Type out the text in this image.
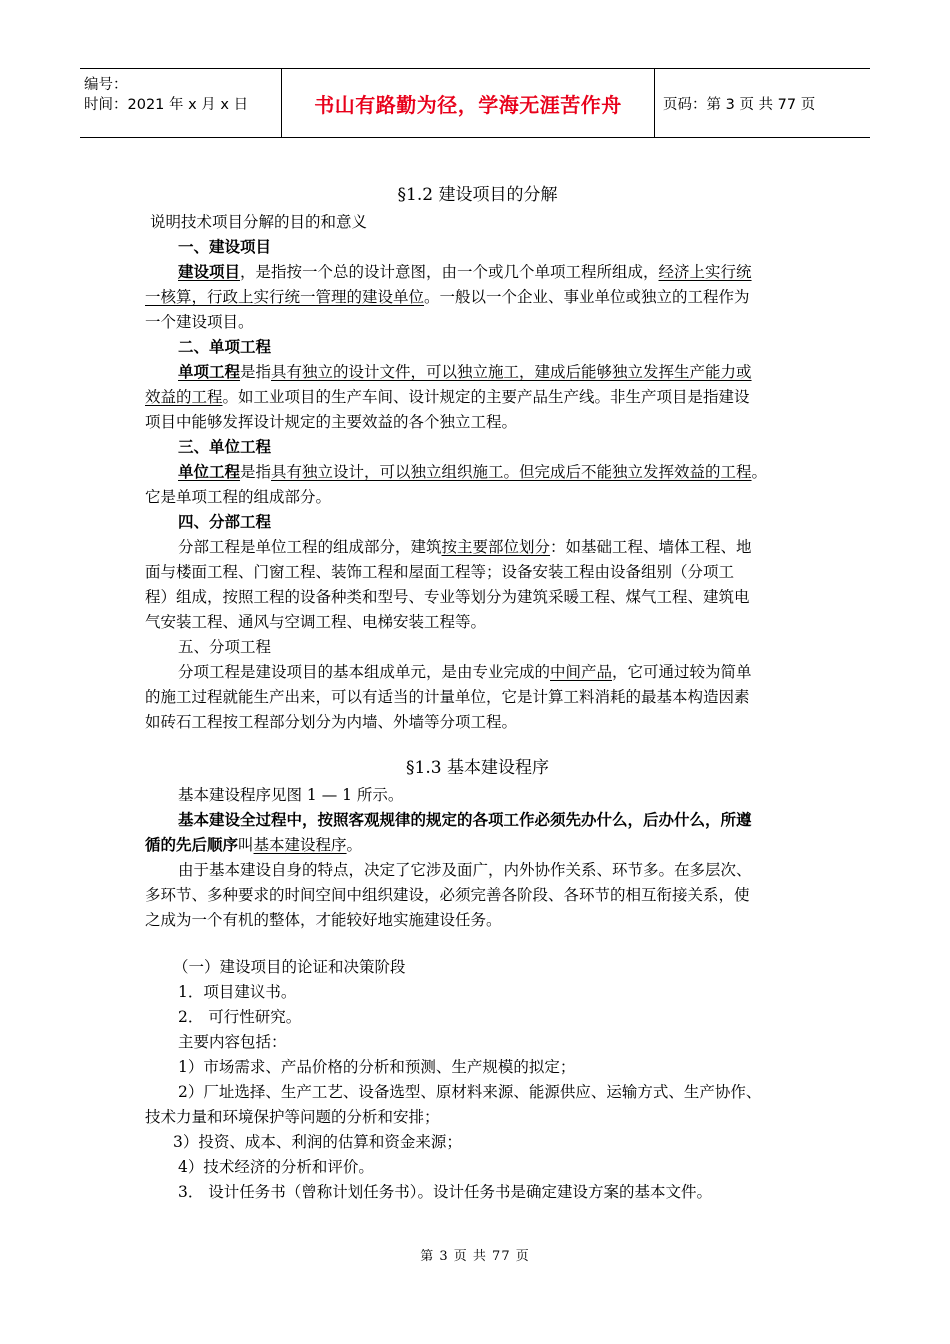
编号：
时间：2021 年 x 月 x 日	书山有路勤为径，学海无涯苦作舟	页码：第 3 页 共 77 页
§1.2 建设项目的分解
说明技术项目分解的目的和意义
一、建设项目
建设项目，是指按一个总的设计意图，由一个或几个单项工程所组成，经济上实行统
一核算，行政上实行统一管理的建设单位。一般以一个企业、事业单位或独立的工程作为
一个建设项目。
二、单项工程
单项工程是指具有独立的设计文件，可以独立施工，建成后能够独立发挥生产能力或
效益的工程。如工业项目的生产车间、设计规定的主要产品生产线。非生产项目是指建设
项目中能够发挥设计规定的主要效益的各个独立工程。
三、单位工程
单位工程是指具有独立设计，可以独立组织施工。但完成后不能独立发挥效益的工程。
它是单项工程的组成部分。
四、分部工程
分部工程是单位工程的组成部分，建筑按主要部位划分：如基础工程、墙体工程、地
面与楼面工程、门窗工程、装饰工程和屋面工程等；设备安装工程由设备组别（分项工
程）组成，按照工程的设备种类和型号、专业等划分为建筑采暖工程、煤气工程、建筑电
气安装工程、通风与空调工程、电梯安装工程等。
五、分项工程
分项工程是建设项目的基本组成单元，是由专业完成的中间产品，它可通过较为简单
的施工过程就能生产出来，可以有适当的计量单位，它是计算工料消耗的最基本构造因素
如砖石工程按工程部分划分为内墙、外墙等分项工程。
§1.3 基本建设程序
基本建设程序见图 1 — 1 所示。
基本建设全过程中，按照客观规律的规定的各项工作必须先办什么，后办什么，所遵
循的先后顺序叫基本建设程序。
由于基本建设自身的特点，决定了它涉及面广，内外协作关系、环节多。在多层次、
多环节、多种要求的时间空间中组织建设，必须完善各阶段、各环节的相互衔接关系，使
之成为一个有机的整体，才能较好地实施建设任务。
（一）建设项目的论证和决策阶段
1．项目建议书。
2． 可行性研究。
主要内容包括：
1）市场需求、产品价格的分析和预测、生产规模的拟定；
2）厂址选择、生产工艺、设备选型、原材料来源、能源供应、运输方式、生产协作、
技术力量和环境保护等问题的分析和安排；
3）投资、成本、利润的估算和资金来源；
4）技术经济的分析和评价。
3． 设计任务书（曾称计划任务书）。设计任务书是确定建设方案的基本文件。
第 3 页 共 77 页
